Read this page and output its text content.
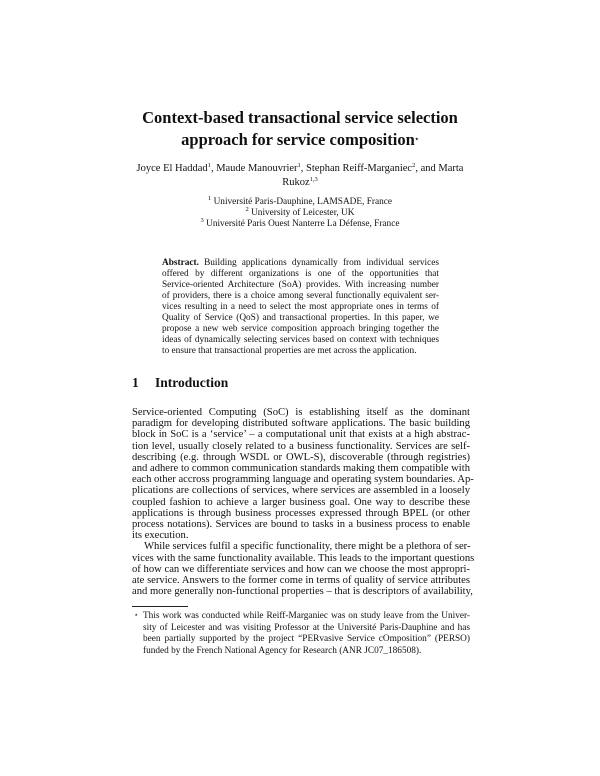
Context-based transactional service selection
approach for service composition⋆
Joyce El Haddad$^1$, Maude Manouvrier$^1$, Stephan Reiff-Marganiec$^2$, and Marta
Rukoz$^{1,3}$
$^1$ Université Paris-Dauphine, LAMSADE, France
$^2$ University of Leicester, UK
$^3$ Université Paris Ouest Nanterre La Défense, France
Abstract. Building applications dynamically from individual services
offered by different organizations is one of the opportunities that
Service-oriented Architecture (SoA) provides. With increasing number
of providers, there is a choice among several functionally equivalent ser-
vices resulting in a need to select the most appropriate ones in terms of
Quality of Service (QoS) and transactional properties. In this paper, we
propose a new web service composition approach bringing together the
ideas of dynamically selecting services based on context with techniques
to ensure that transactional properties are met across the application.
1 Introduction
Service-oriented Computing (SoC) is establishing itself as the dominant
paradigm for developing distributed software applications. The basic building
block in SoC is a ‘service’ – a computational unit that exists at a high abstrac-
tion level, usually closely related to a business functionality. Services are self-
describing (e.g. through WSDL or OWL-S), discoverable (through registries)
and adhere to common communication standards making them compatible with
each other accross programming language and operating system boundaries. Ap-
plications are collections of services, where services are assembled in a loosely
coupled fashion to achieve a larger business goal. One way to describe these
applications is through business processes expressed through BPEL (or other
process notations). Services are bound to tasks in a business process to enable
its execution.
While services fulfil a specific functionality, there might be a plethora of ser-
vices with the same functionality available. This leads to the important questions
of how can we differentiate services and how can we choose the most appropri-
ate service. Answers to the former come in terms of quality of service attributes
and more generally non-functional properties – that is descriptors of availability,
⋆ This work was conducted while Reiff-Marganiec was on study leave from the Univer-
sity of Leicester and was visiting Professor at the Université Paris-Dauphine and has
been partially supported by the project “PERvasive Service cOmposition” (PERSO)
funded by the French National Agency for Research (ANR JC07_186508).
